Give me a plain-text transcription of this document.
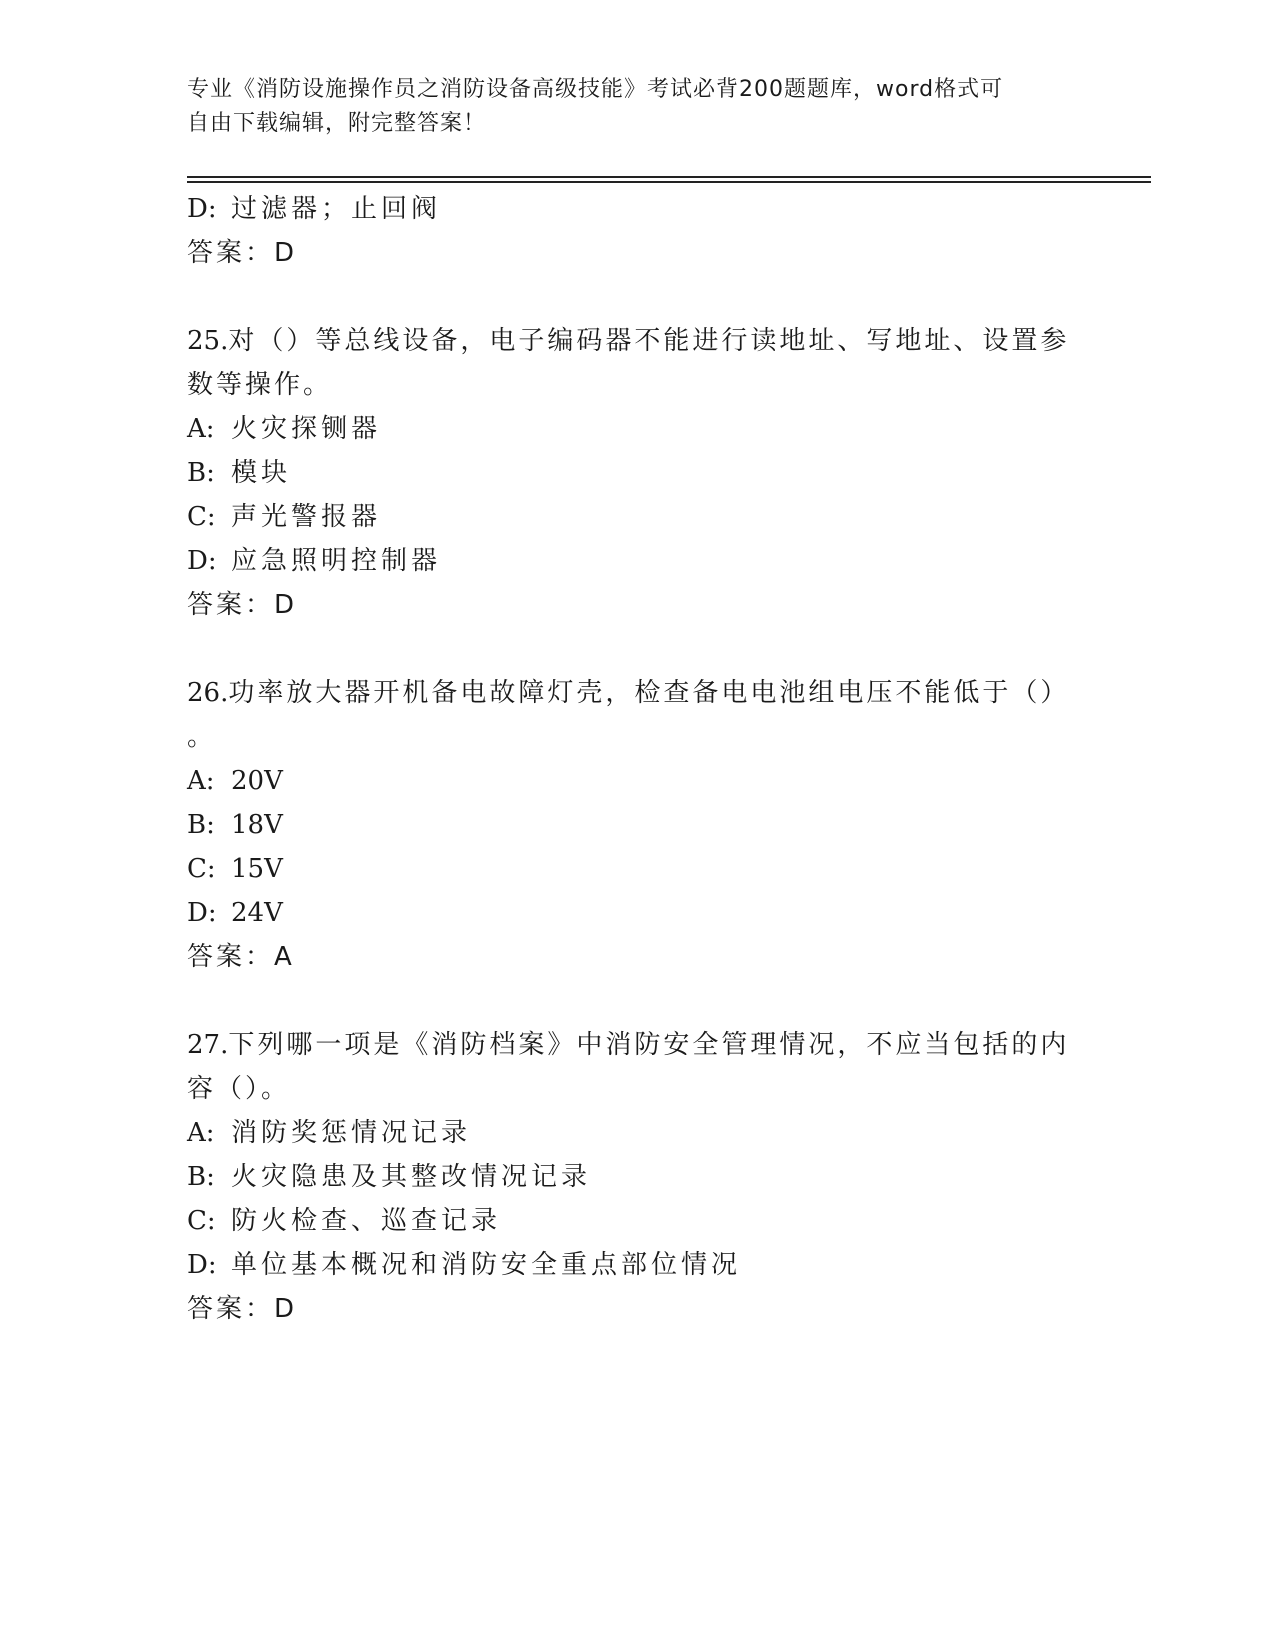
专业《消防设施操作员之消防设备高级技能》考试必背200题题库，word格式可
自由下载编辑，附完整答案！
D: 过滤器；止回阀
答案：D
25.对（）等总线设备，电子编码器不能进行读地址、写地址、设置参
数等操作。
A: 火灾探铡器
B: 模块
C: 声光警报器
D: 应急照明控制器
答案：D
26.功率放大器开机备电故障灯壳，检查备电电池组电压不能低于（）
。
A: 20V
B: 18V
C: 15V
D: 24V
答案：A
27.下列哪一项是《消防档案》中消防安全管理情况，不应当包括的内
容（）。
A: 消防奖惩情况记录
B: 火灾隐患及其整改情况记录
C: 防火检查、巡查记录
D: 单位基本概况和消防安全重点部位情况
答案：D
